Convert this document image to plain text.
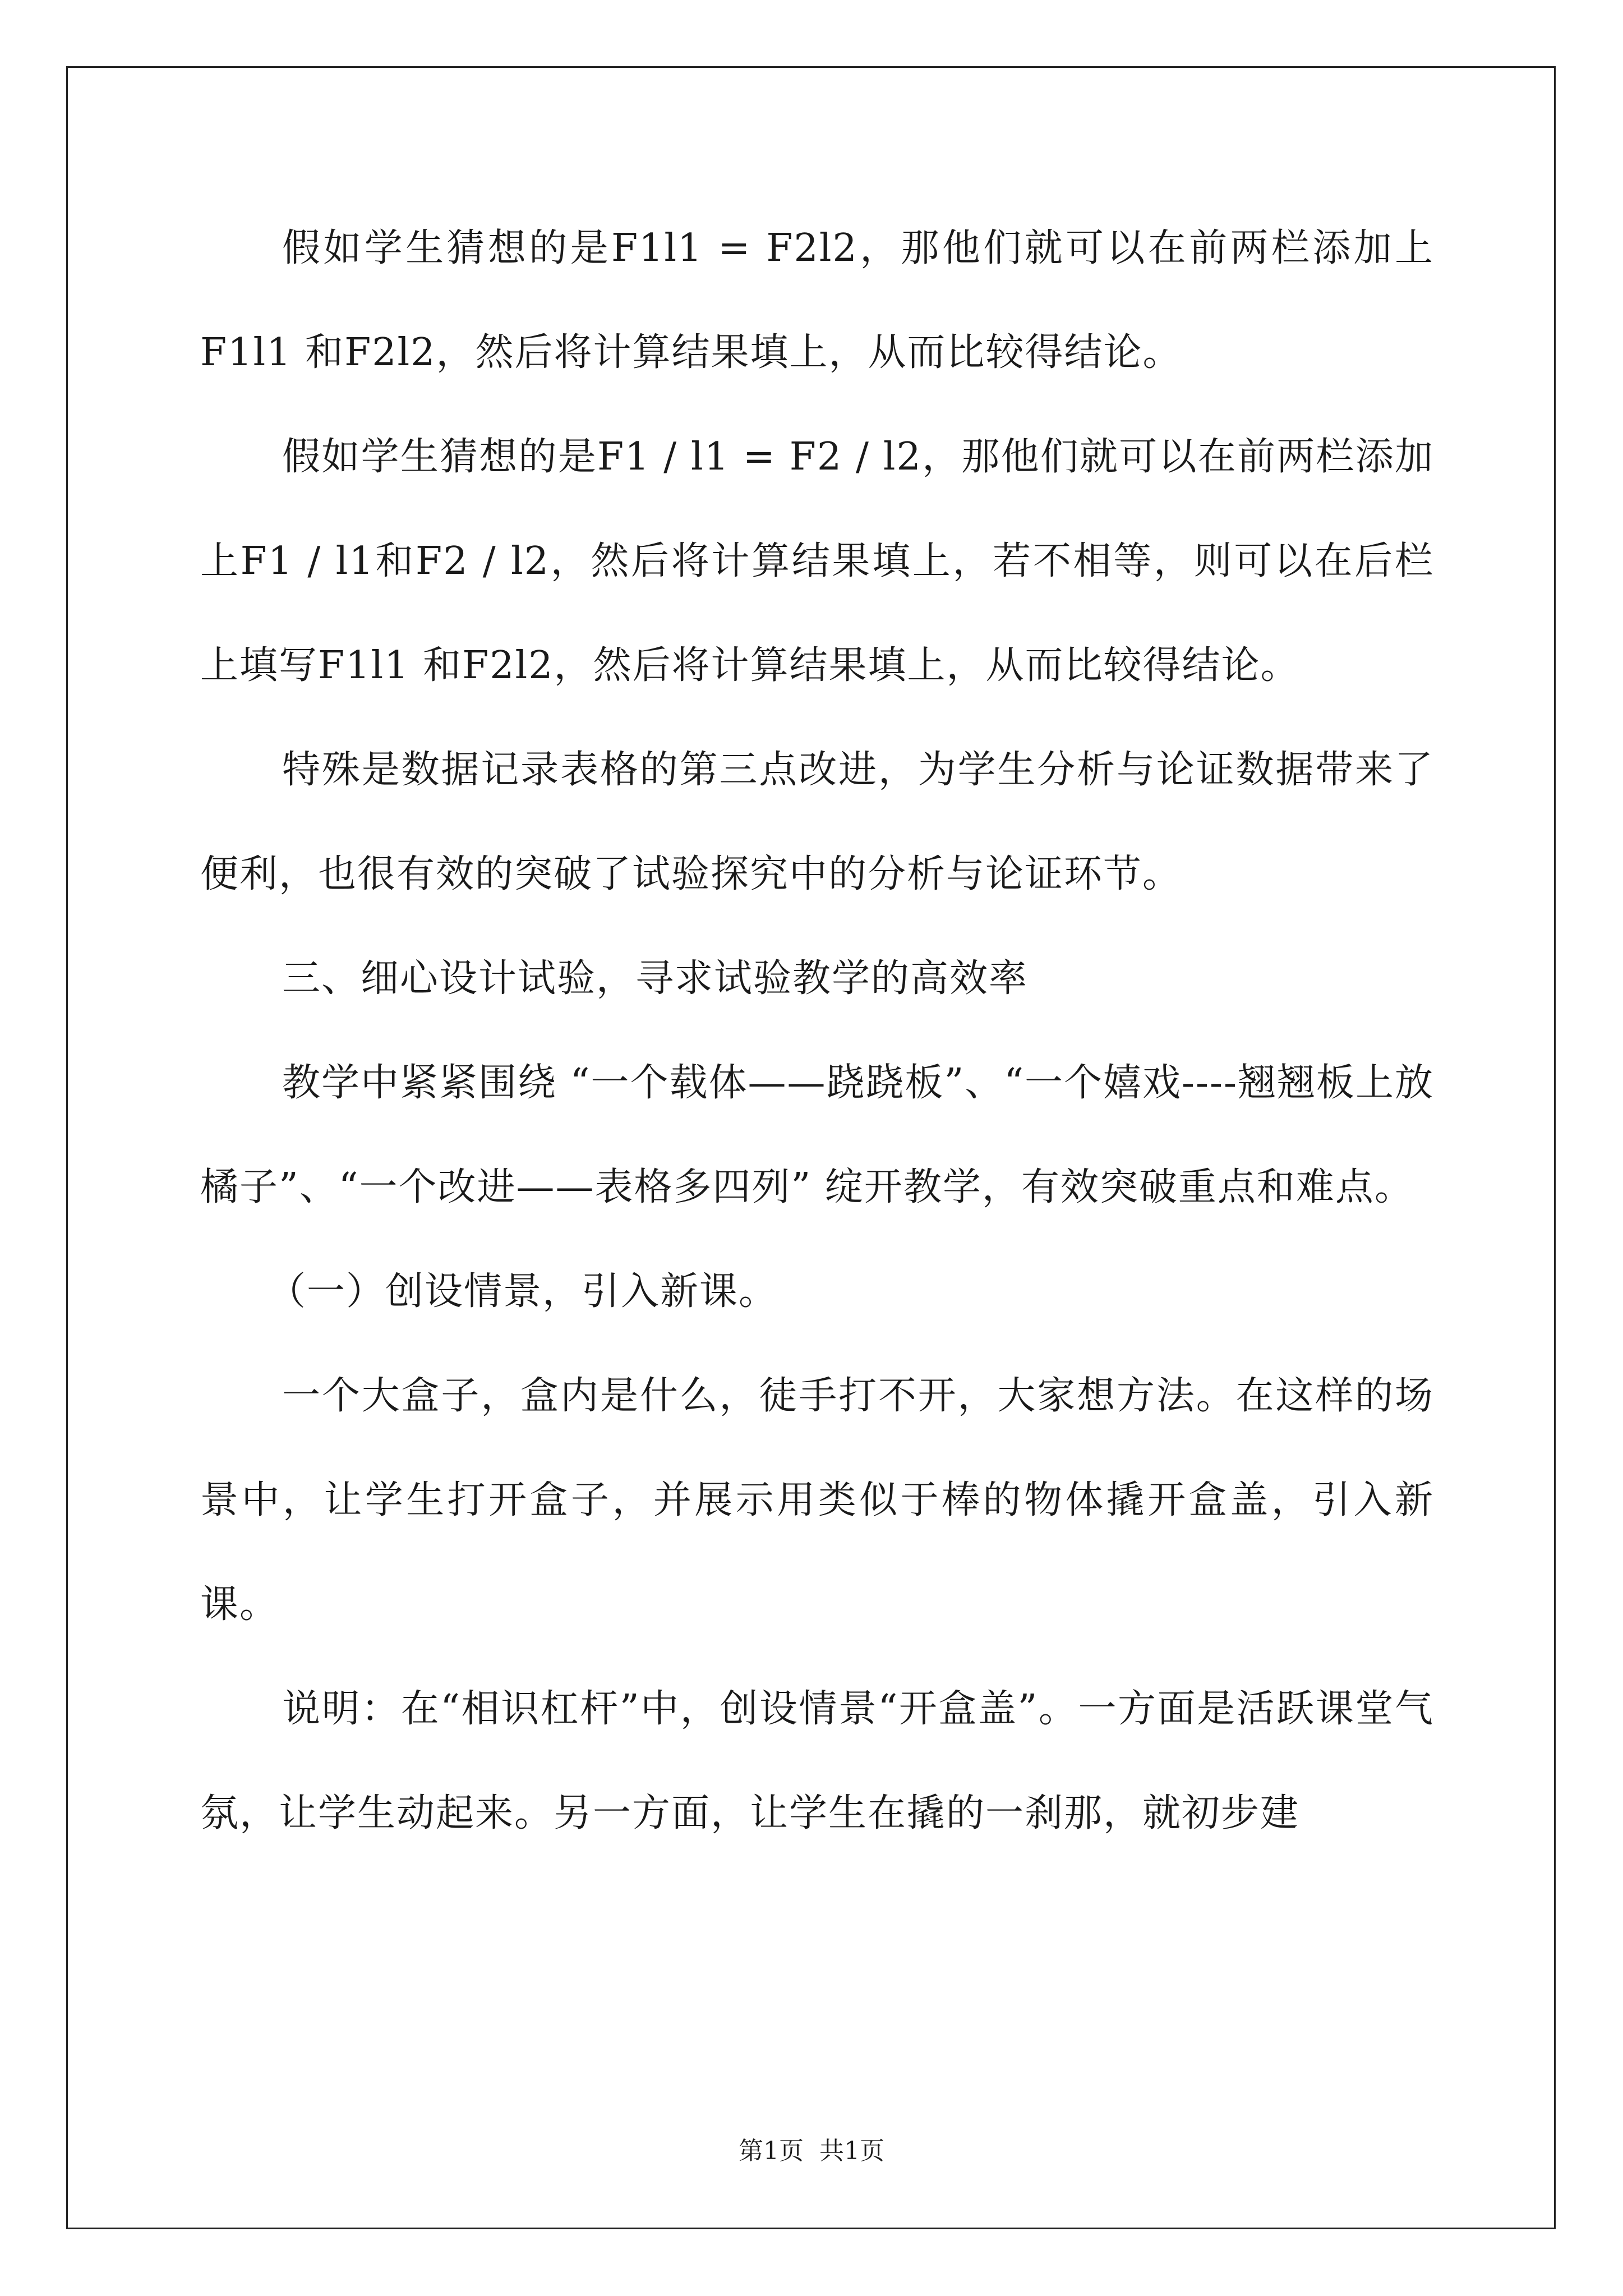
假如学生猜想的是F1l1 = F2l2，那他们就可以在前两栏添加上F1l1 和F2l2，然后将计算结果填上，从而比较得结论。

假如学生猜想的是F1 / l1 = F2 / l2，那他们就可以在前两栏添加上F1 / l1和F2 / l2，然后将计算结果填上，若不相等，则可以在后栏上填写F1l1 和F2l2，然后将计算结果填上，从而比较得结论。

特殊是数据记录表格的第三点改进，为学生分析与论证数据带来了便利，也很有效的突破了试验探究中的分析与论证环节。

三、细心设计试验，寻求试验教学的高效率

教学中紧紧围绕 “一个载体——跷跷板”、“一个嬉戏----翘翘板上放橘子”、“一个改进——表格多四列” 绽开教学，有效突破重点和难点。

（一）创设情景，引入新课。

一个大盒子，盒内是什么，徒手打不开，大家想方法。在这样的场景中，让学生打开盒子，并展示用类似于棒的物体撬开盒盖，引入新课。

说明：在“相识杠杆”中，创设情景“开盒盖”。一方面是活跃课堂气氛，让学生动起来。另一方面，让学生在撬的一刹那，就初步建

第1页 共1页
